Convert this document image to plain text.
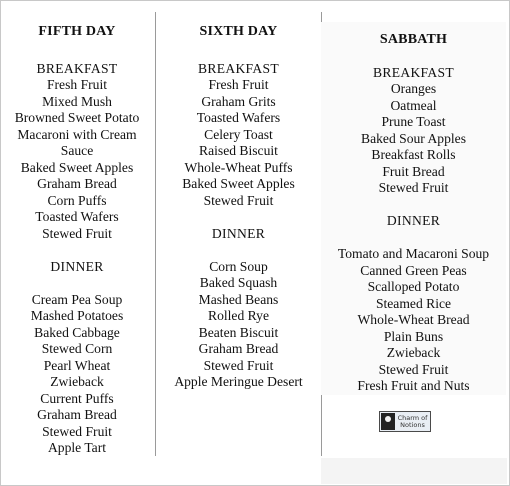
FIFTH DAY
BREAKFAST
Fresh Fruit
Mixed Mush
Browned Sweet Potato
Macaroni with Cream
Sauce
Baked Sweet Apples
Graham Bread
Corn Puffs
Toasted Wafers
Stewed Fruit
DINNER
Cream Pea Soup
Mashed Potatoes
Baked Cabbage
Stewed Corn
Pearl Wheat
Zwieback
Current Puffs
Graham Bread
Stewed Fruit
Apple Tart
SIXTH DAY
BREAKFAST
Fresh Fruit
Graham Grits
Toasted Wafers
Celery Toast
Raised Biscuit
Whole-Wheat Puffs
Baked Sweet Apples
Stewed Fruit
DINNER
Corn Soup
Baked Squash
Mashed Beans
Rolled Rye
Beaten Biscuit
Graham Bread
Stewed Fruit
Apple Meringue Desert
SABBATH
BREAKFAST
Oranges
Oatmeal
Prune Toast
Baked Sour Apples
Breakfast Rolls
Fruit Bread
Stewed Fruit
DINNER
Tomato and Macaroni Soup
Canned Green Peas
Scalloped Potato
Steamed Rice
Whole-Wheat Bread
Plain Buns
Zwieback
Stewed Fruit
Fresh Fruit and Nuts
Charm of
Notions
